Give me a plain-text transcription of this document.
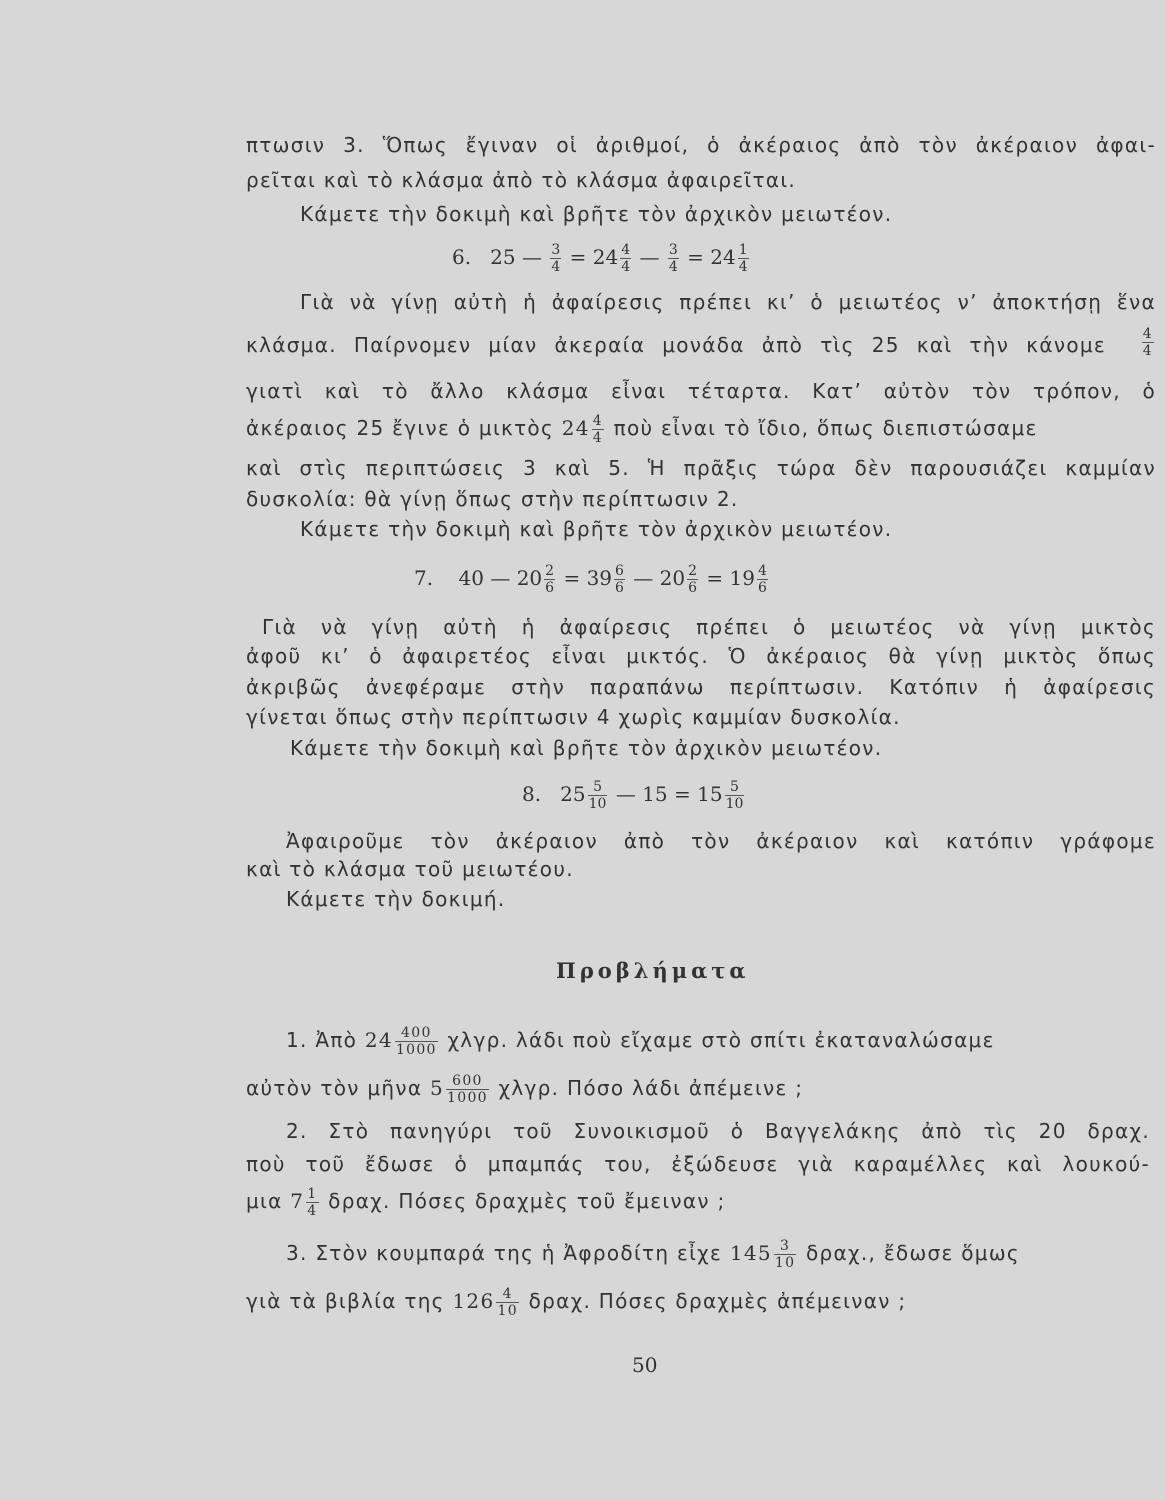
πτωσιν 3. Ὅπως ἔγιναν οἱ ἀριθμοί, ὁ ἀκέραιος ἀπὸ τὸν ἀκέραιον ἀφαι-
ρεῖται καὶ τὸ κλάσμα ἀπὸ τὸ κλάσμα ἀφαιρεῖται.
Κάμετε τὴν δοκιμὴ καὶ βρῆτε τὸν ἀρχικὸν μειωτέον.
6. 25 — $\frac{3}{4} = 24 \frac{4}{4}$ — $\frac{3}{4} = 24 \frac{1}{4}$
Γιὰ νὰ γίνῃ αὐτὴ ἡ ἀφαίρεσις πρέπει κι’ ὁ μειωτέος ν’ ἀποκτήσῃ ἕνα
κλάσμα. Παίρνομεν μίαν ἀκεραία μονάδα ἀπὸ τὶς 25 καὶ τὴν κάνομε	$\frac{4}{4}$
γιατὶ καὶ τὸ ἄλλο κλάσμα εἶναι τέταρτα. Κατ’ αὐτὸν τὸν τρόπον, ὁ
ἀκέραιος 25 ἔγινε ὁ μικτὸς $24 \frac{4}{4}$ ποὺ εἶναι τὸ ἴδιο, ὅπως διεπιστώσαμε
καὶ στὶς περιπτώσεις 3 καὶ 5. Ἡ πρᾶξις τώρα δὲν παρουσιάζει καμμίαν
δυσκολία: θὰ γίνῃ ὅπως στὴν περίπτωσιν 2.
Κάμετε τὴν δοκιμὴ καὶ βρῆτε τὸν ἀρχικὸν μειωτέον.
7. 40 — $20 \frac{2}{6} = 39 \frac{6}{6}$ — $20 \frac{2}{6} = 19 \frac{4}{6}$
Γιὰ νὰ γίνῃ αὐτὴ ἡ ἀφαίρεσις πρέπει ὁ μειωτέος νὰ γίνῃ μικτὸς
ἀφοῦ κι’ ὁ ἀφαιρετέος εἶναι μικτός. Ὁ ἀκέραιος θὰ γίνῃ μικτὸς ὅπως
ἀκριβῶς ἀνεφέραμε στὴν παραπάνω περίπτωσιν. Κατόπιν ἡ ἀφαίρεσις
γίνεται ὅπως στὴν περίπτωσιν 4 χωρὶς καμμίαν δυσκολία.
Κάμετε τὴν δοκιμὴ καὶ βρῆτε τὸν ἀρχικὸν μειωτέον.
8. $25 \frac{5}{10}$ — $15 = 15 \frac{5}{10}$
Ἀφαιροῦμε τὸν ἀκέραιον ἀπὸ τὸν ἀκέραιον καὶ κατόπιν γράφομε
καὶ τὸ κλάσμα τοῦ μειωτέου.
Κάμετε τὴν δοκιμή.
Προβλήματα
1. Ἀπὸ $24 \frac{400}{1000} \chi\lambda\gamma\rho$. λάδι ποὺ εἴχαμε στὸ σπίτι ἐκαταναλώσαμε
αὐτὸν τὸν μῆνα $5 \frac{600}{1000} \chi\lambda\gamma\rho$. Πόσο λάδι ἀπέμεινε ;
2. Στὸ πανηγύρι τοῦ Συνοικισμοῦ ὁ Βαγγελάκης ἀπὸ τὶς 20 δραχ.
ποὺ τοῦ ἔδωσε ὁ μπαμπάς του, ἐξώδευσε γιὰ καραμέλλες καὶ λουκού-
μια $7 \frac{1}{4} \delta\rho\alpha\chi$. Πόσες δραχμὲς τοῦ ἔμειναν ;
3. Στὸν κουμπαρά της ἡ Ἀφροδίτη εἶχε $145 \frac{3}{10} \delta\rho\alpha\chi$., ἔδωσε ὅμως
γιὰ τὰ βιβλία της $126 \frac{4}{10} \delta\rho\alpha\chi$. Πόσες δραχμὲς ἀπέμειναν ;
50
